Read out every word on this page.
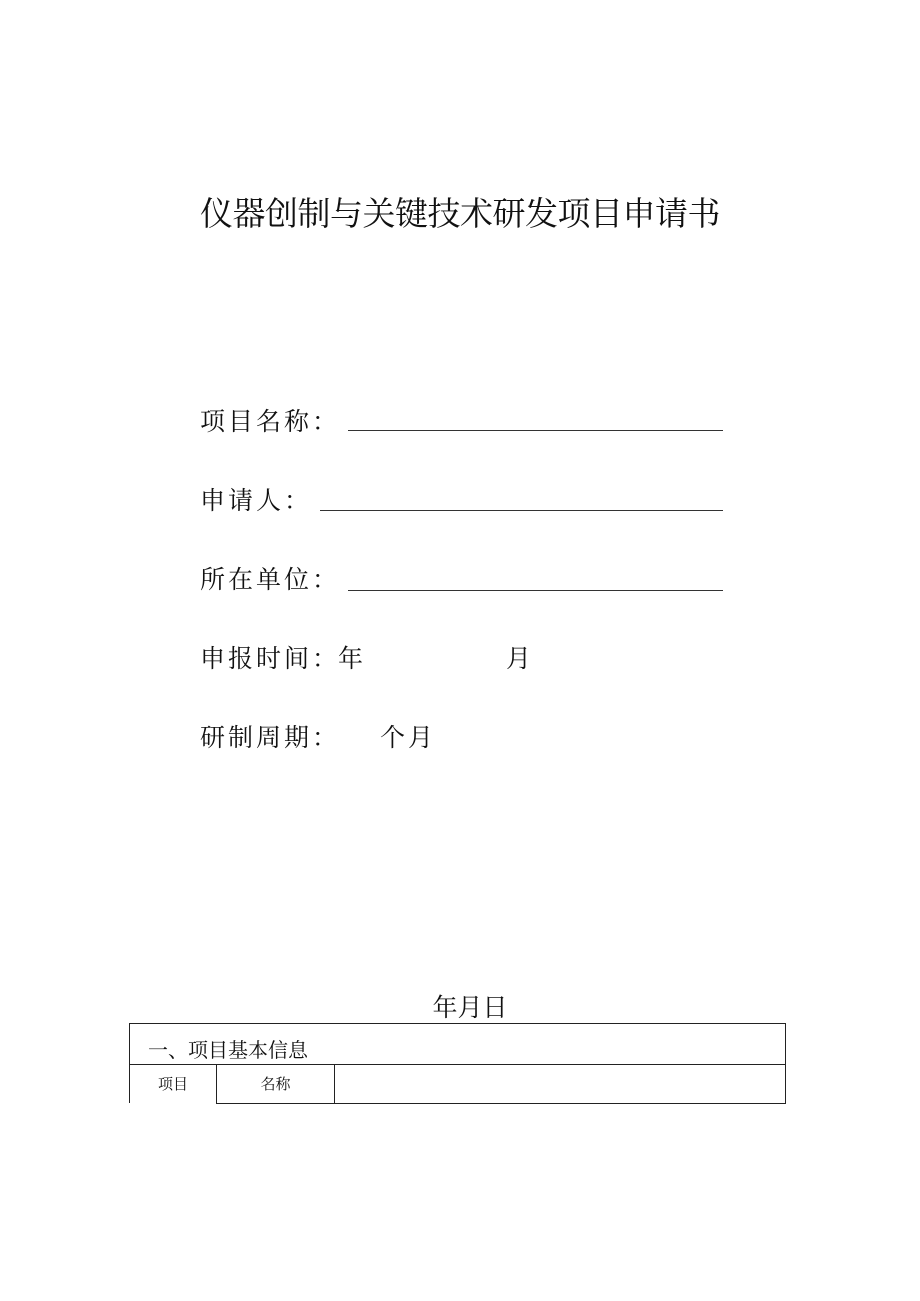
仪器创制与关键技术研发项目申请书
项目名称：
申请人：
所在单位：
申报时间：
年	月
研制周期： 个月
年月日
一、项目基本信息
项目	名称
